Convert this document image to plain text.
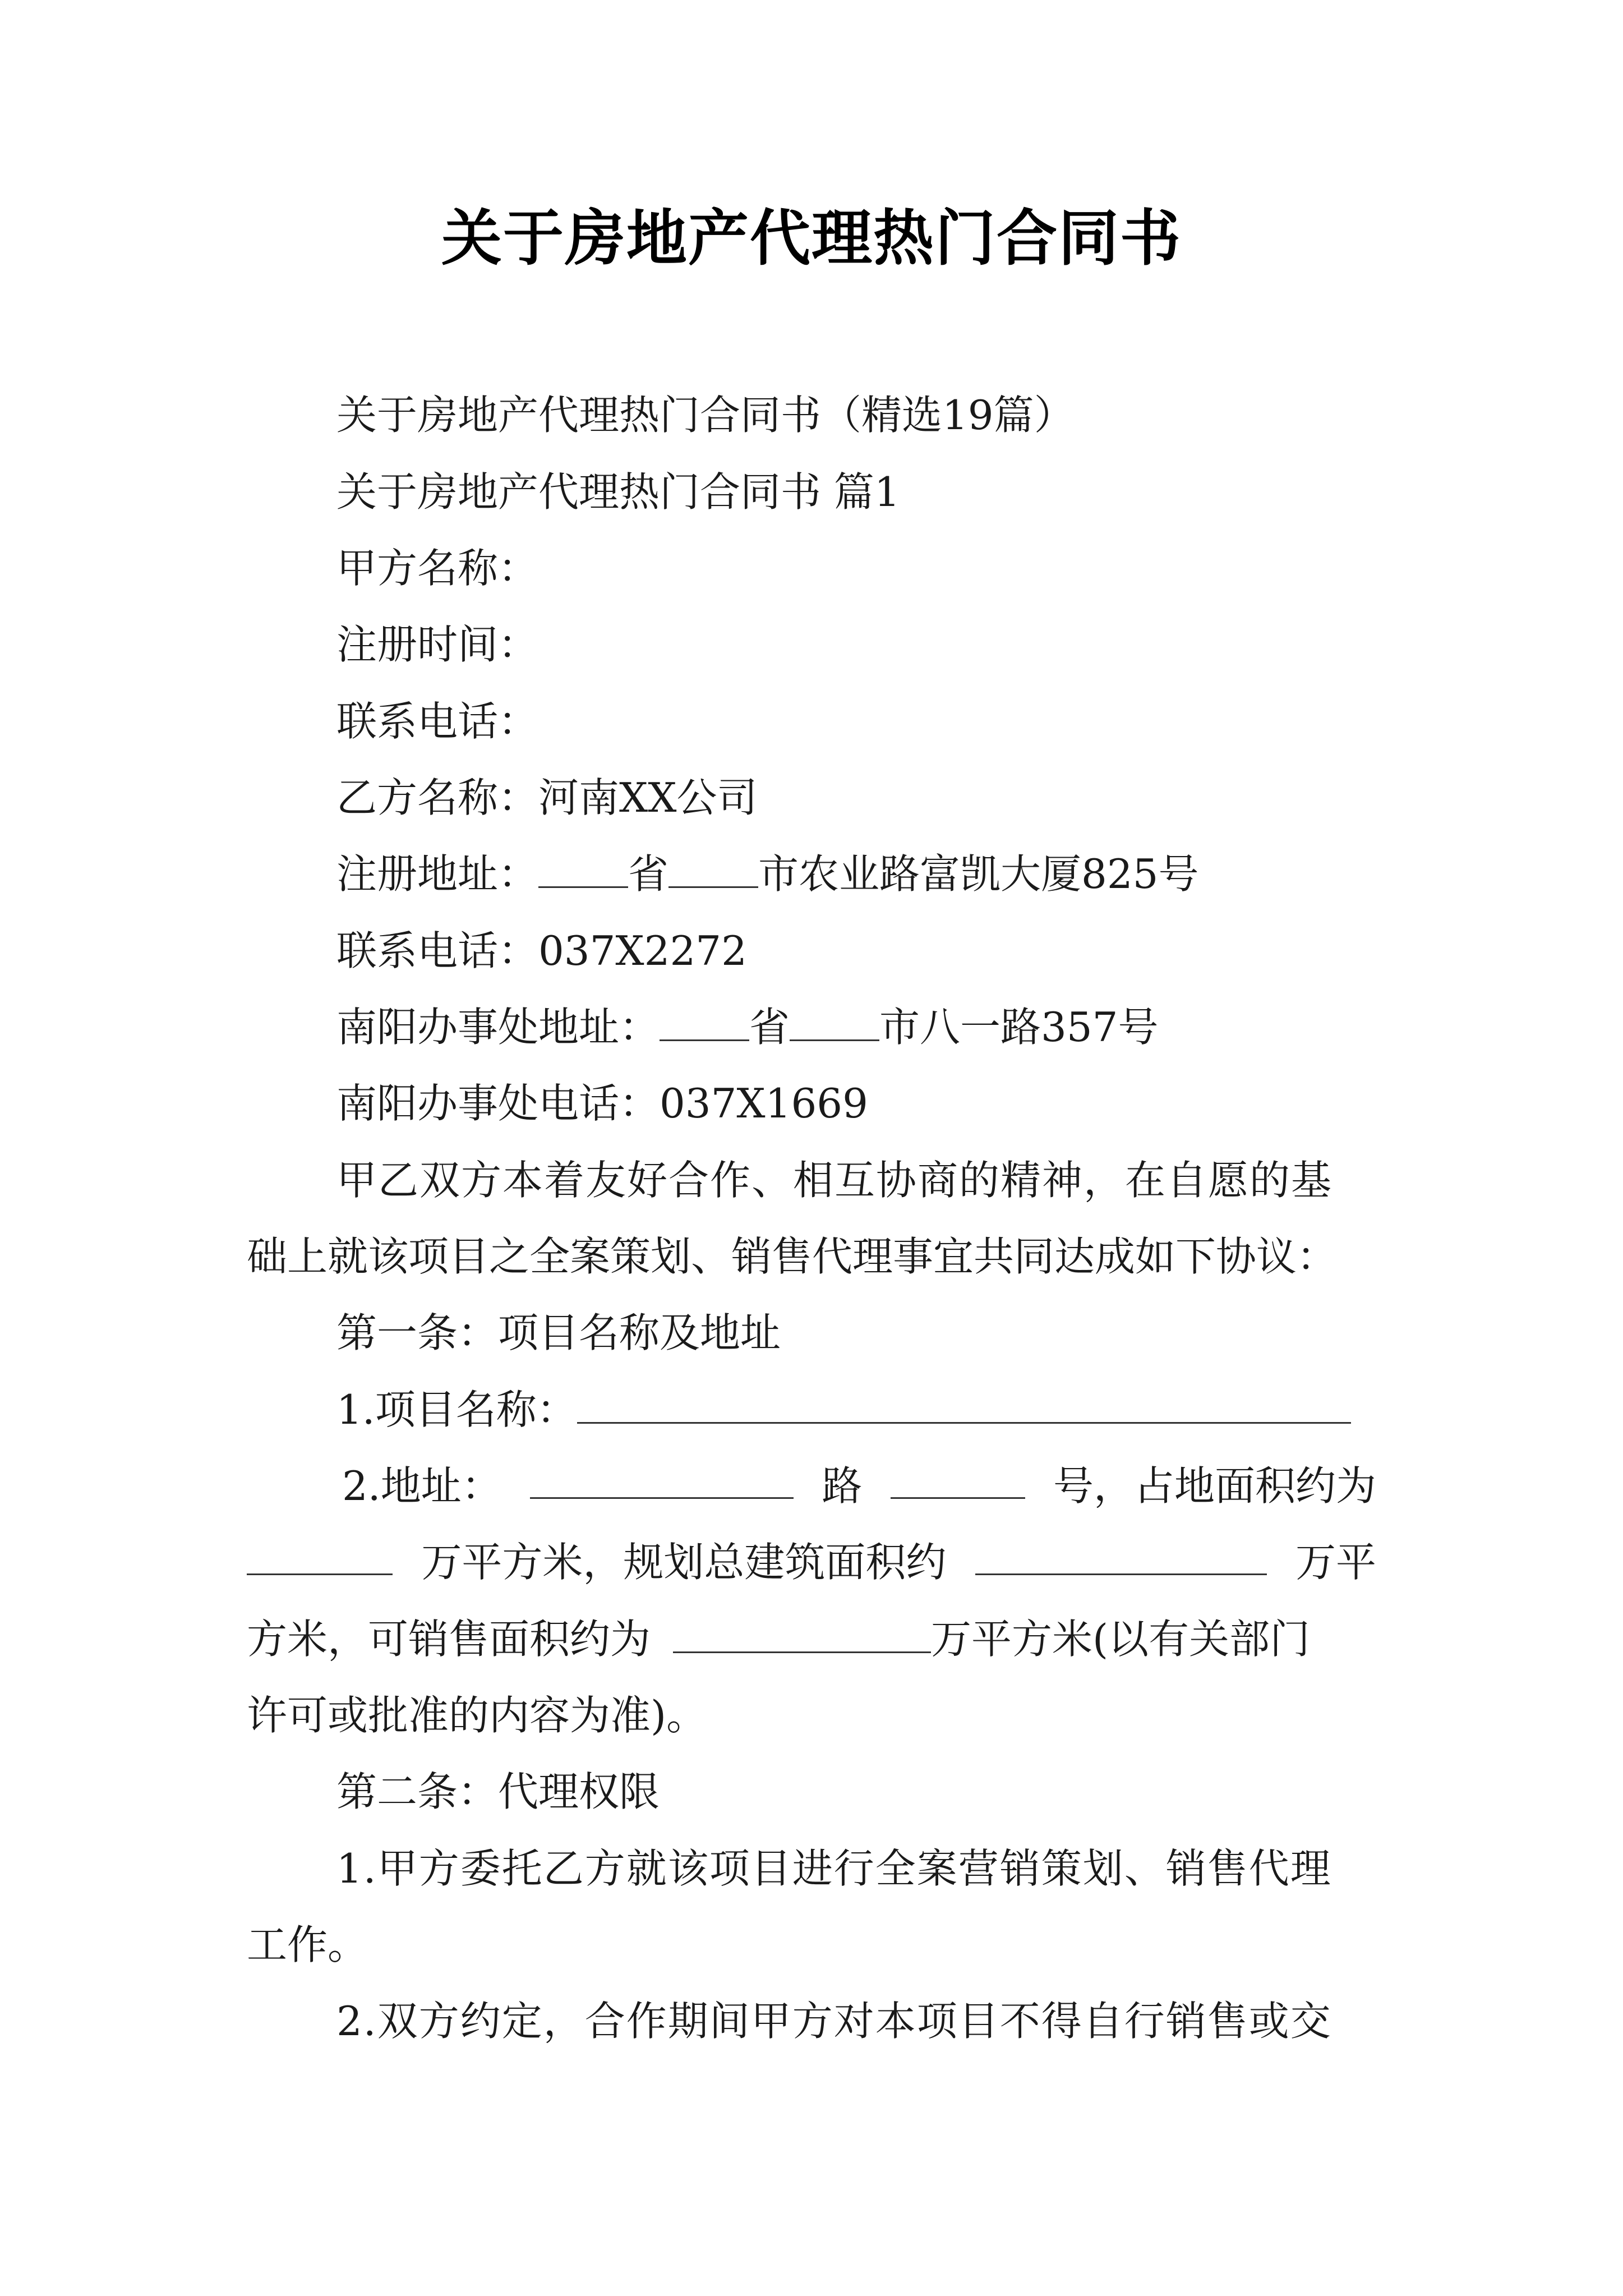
关于房地产代理热门合同书
关于房地产代理热门合同书（精选19篇）
关于房地产代理热门合同书 篇1
甲方名称：
注册时间：
联系电话：
乙方名称：河南XX公司
注册地址： 省 市农业路富凯大厦825号
联系电话：037X2272
南阳办事处地址： 省 市八一路357号
南阳办事处电话：037X1669
甲乙双方本着友好合作、相互协商的精神，在自愿的基
础上就该项目之全案策划、销售代理事宜共同达成如下协议：
第一条：项目名称及地址
1.项目名称：
2.地址：	路	号，占地面积约为
万平方米，规划总建筑面积约	万平
方米，可销售面积约为	万平方米(以有关部门
许可或批准的内容为准)。
第二条：代理权限
1.甲方委托乙方就该项目进行全案营销策划、销售代理
工作。
2.双方约定，合作期间甲方对本项目不得自行销售或交
